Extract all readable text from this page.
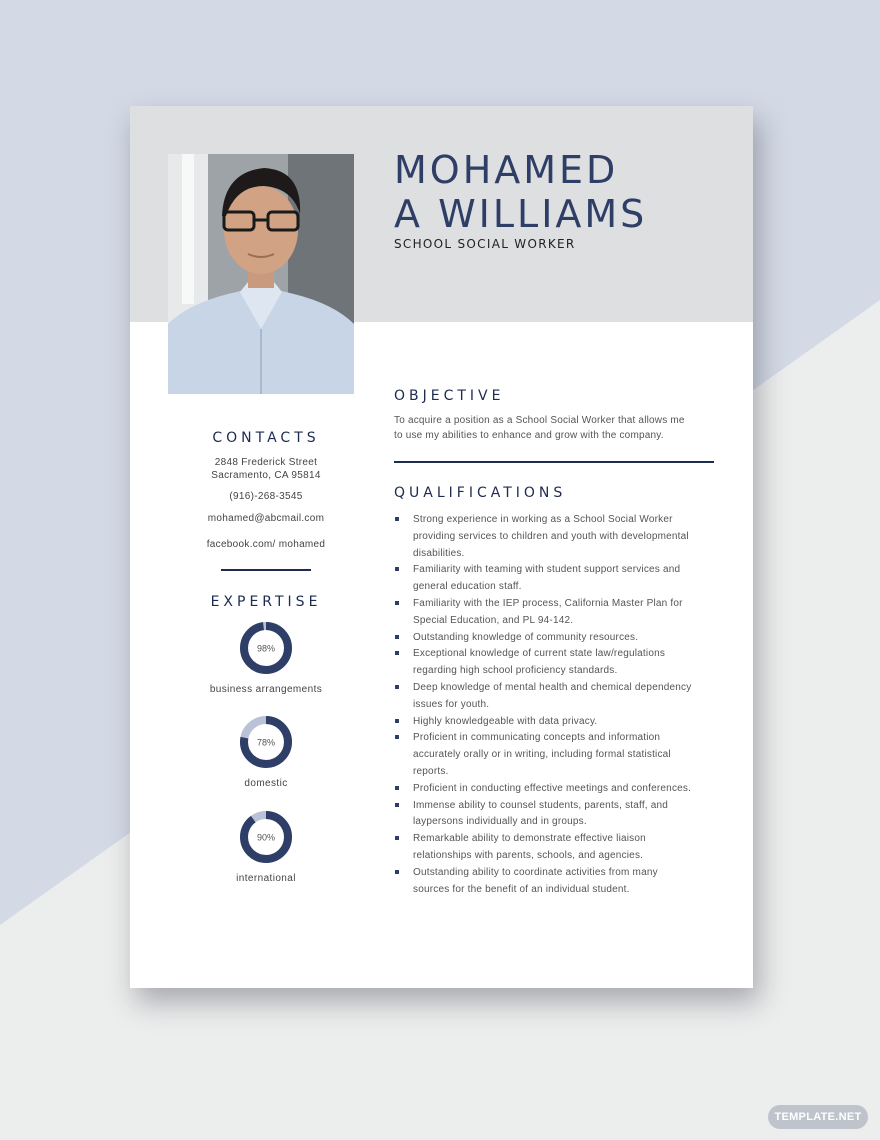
MOHAMED
A WILLIAMS
SCHOOL SOCIAL WORKER
CONTACTS
2848 Frederick Street
Sacramento, CA 95814
(916)-268-3545
mohamed@abcmail.com
facebook.com/ mohamed
EXPERTISE
98%
business arrangements
78%
domestic
90%
international
OBJECTIVE
To acquire a position as a School Social Worker that allows me
to use my abilities to enhance and grow with the company.
QUALIFICATIONS
Strong experience in working as a School Social Worker
providing services to children and youth with developmental
disabilities.
Familiarity with teaming with student support services and
general education staff.
Familiarity with the IEP process, California Master Plan for
Special Education, and PL 94-142.
Outstanding knowledge of community resources.
Exceptional knowledge of current state law/regulations
regarding high school proficiency standards.
Deep knowledge of mental health and chemical dependency
issues for youth.
Highly knowledgeable with data privacy.
Proficient in communicating concepts and information
accurately orally or in writing, including formal statistical
reports.
Proficient in conducting effective meetings and conferences.
Immense ability to counsel students, parents, staff, and
laypersons individually and in groups.
Remarkable ability to demonstrate effective liaison
relationships with parents, schools, and agencies.
Outstanding ability to coordinate activities from many
sources for the benefit of an individual student.
TEMPLATE.NET
